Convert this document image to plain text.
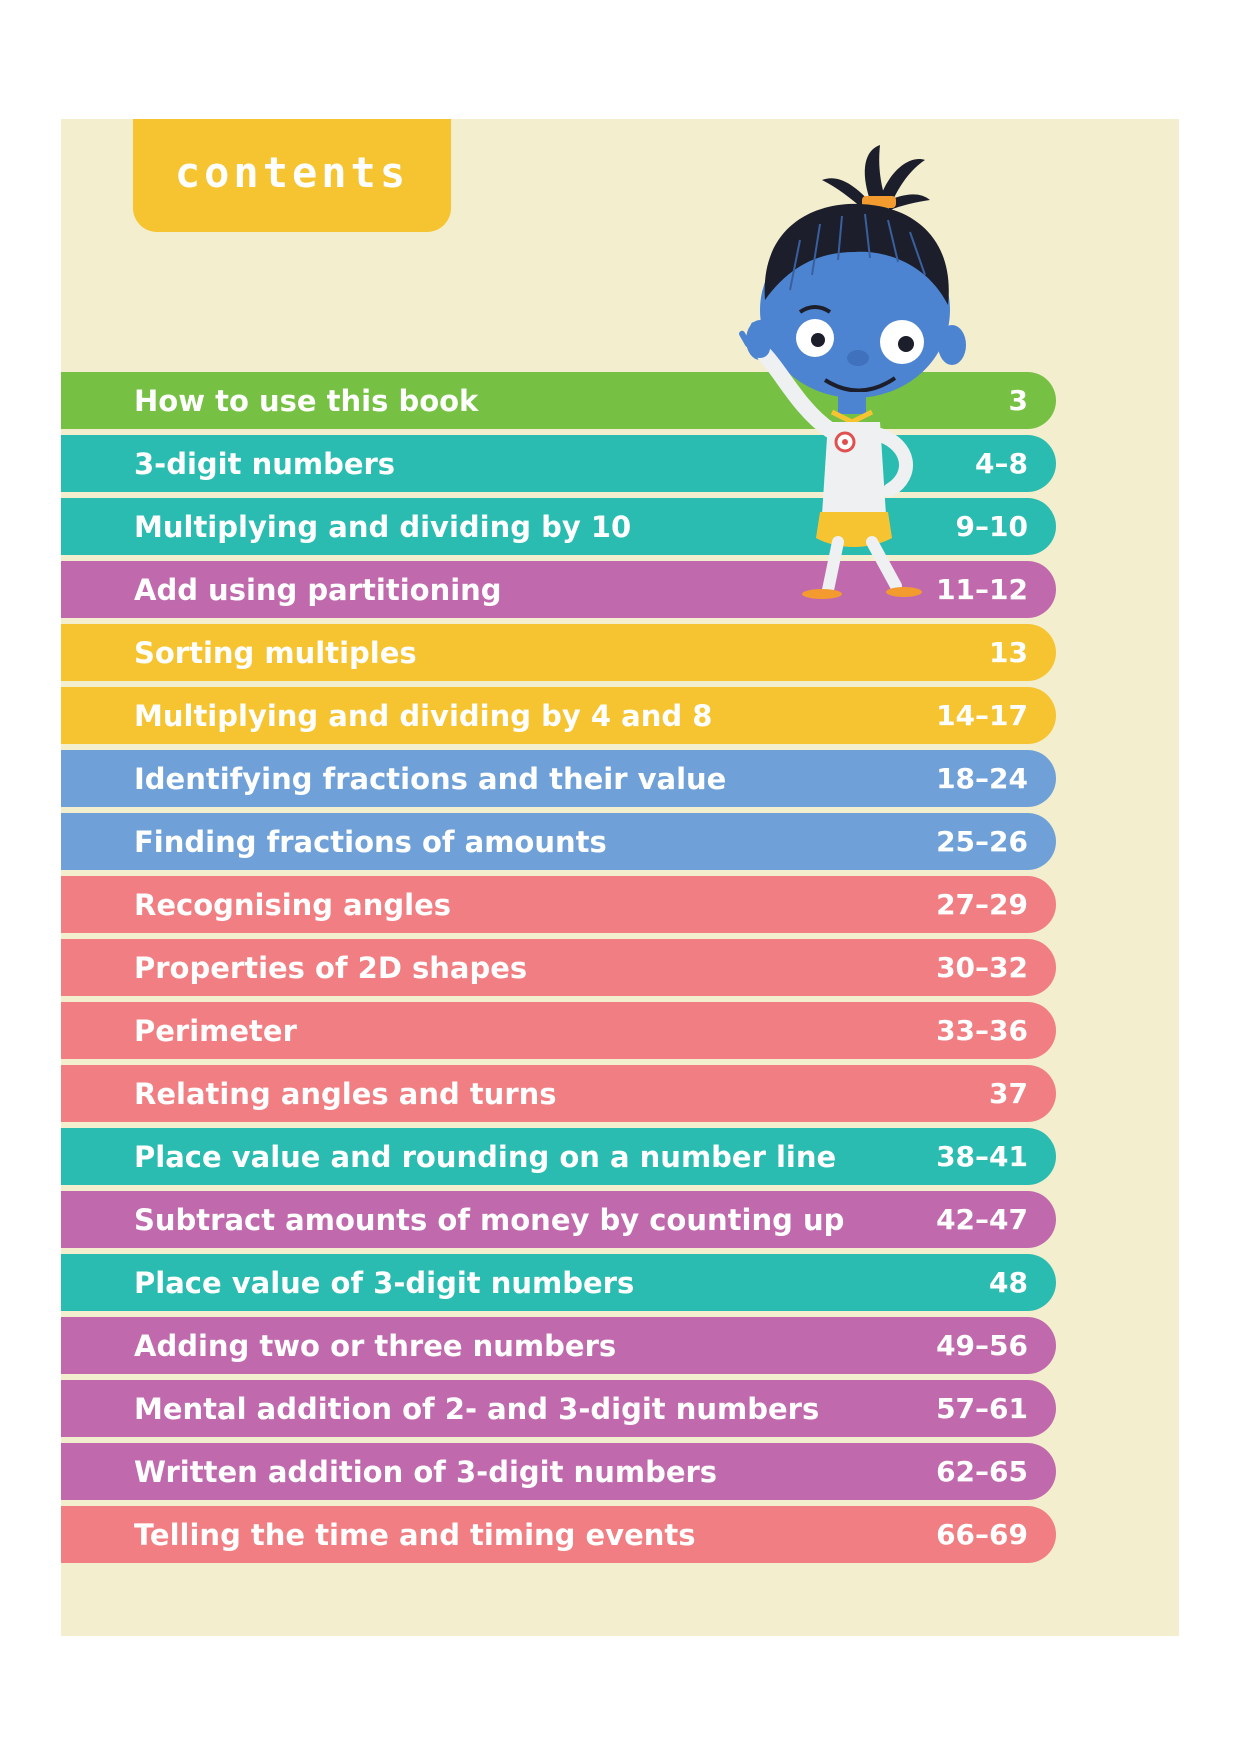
contents
How to use this book	3
3-digit numbers	4–8
Multiplying and dividing by 10	9–10
Add using partitioning	11–12
Sorting multiples	13
Multiplying and dividing by 4 and 8	14–17
Identifying fractions and their value	18–24
Finding fractions of amounts	25–26
Recognising angles	27–29
Properties of 2D shapes	30–32
Perimeter	33–36
Relating angles and turns	37
Place value and rounding on a number line	38–41
Subtract amounts of money by counting up	42–47
Place value of 3-digit numbers	48
Adding two or three numbers	49–56
Mental addition of 2- and 3-digit numbers	57–61
Written addition of 3-digit numbers	62–65
Telling the time and timing events	66–69
